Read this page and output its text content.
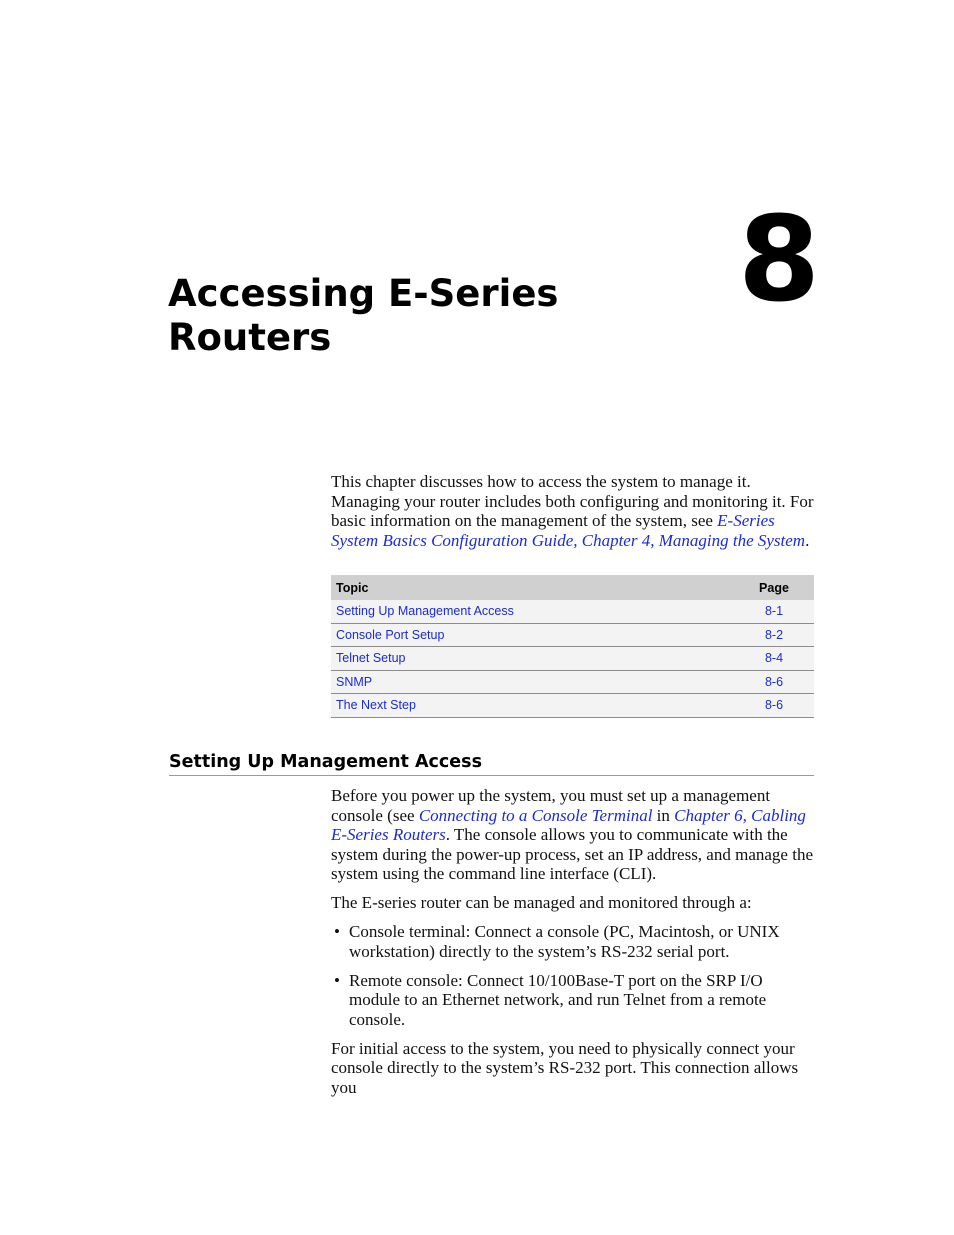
8
Accessing E-Series
Routers

This chapter discusses how to access the system to manage it. Managing your router includes both configuring and monitoring it. For basic information on the management of the system, see E-Series System Basics Configuration Guide, Chapter 4, Managing the System.

Topic	Page
Setting Up Management Access	8-1
Console Port Setup	8-2
Telnet Setup	8-4
SNMP	8-6
The Next Step	8-6
Setting Up Management Access

Before you power up the system, you must set up a management console (see Connecting to a Console Terminal in Chapter 6, Cabling E-Series Routers. The console allows you to communicate with the system during the power-up process, set an IP address, and manage the system using the command line interface (CLI).

The E-series router can be managed and monitored through a:

• Console terminal: Connect a console (PC, Macintosh, or UNIX workstation) directly to the system’s RS-232 serial port.
• Remote console: Connect 10/100Base-T port on the SRP I/O module to an Ethernet network, and run Telnet from a remote console.

For initial access to the system, you need to physically connect your console directly to the system’s RS-232 port. This connection allows you
